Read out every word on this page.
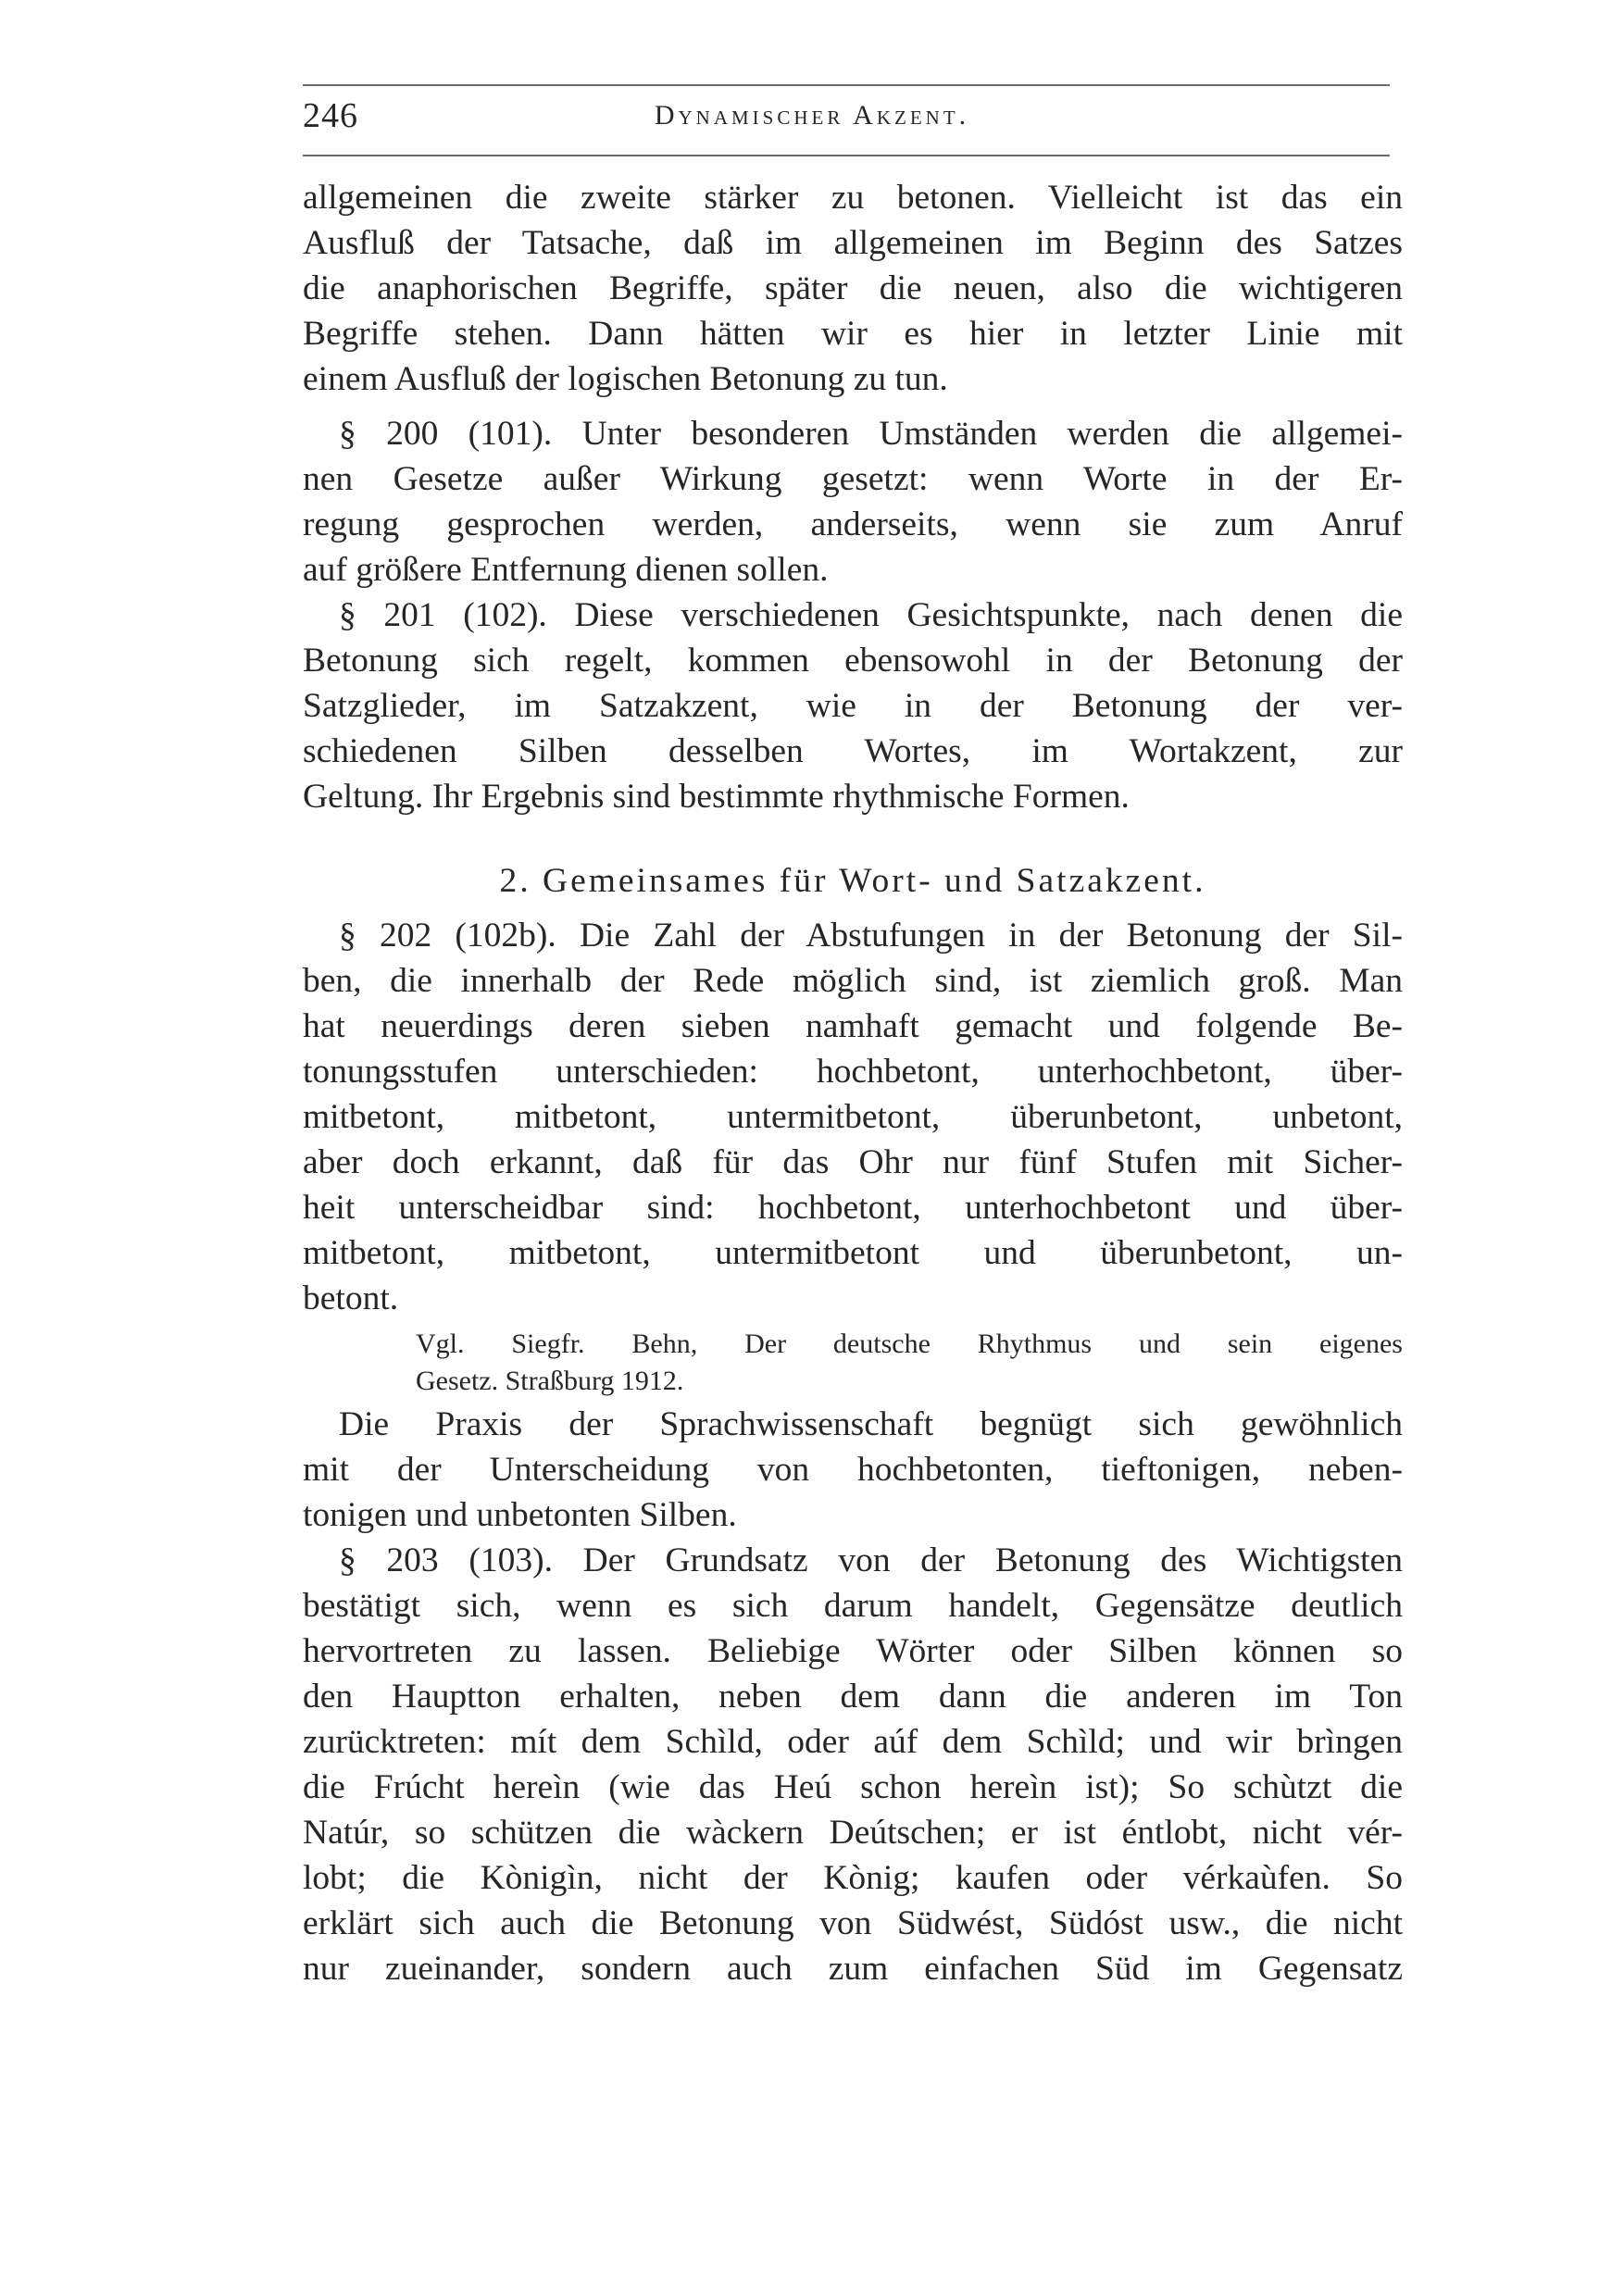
246	Dynamischer Akzent.
allgemeinen die zweite stärker zu betonen. Vielleicht ist das ein
Ausfluß der Tatsache, daß im allgemeinen im Beginn des Satzes
die anaphorischen Begriffe, später die neuen, also die wichtigeren
Begriffe stehen. Dann hätten wir es hier in letzter Linie mit
einem Ausfluß der logischen Betonung zu tun.
§ 200 (101). Unter besonderen Umständen werden die allgemei-
nen Gesetze außer Wirkung gesetzt: wenn Worte in der Er-
regung gesprochen werden, anderseits, wenn sie zum Anruf
auf größere Entfernung dienen sollen.
§ 201 (102). Diese verschiedenen Gesichtspunkte, nach denen die
Betonung sich regelt, kommen ebensowohl in der Betonung der
Satzglieder, im Satzakzent, wie in der Betonung der ver-
schiedenen Silben desselben Wortes, im Wortakzent, zur
Geltung. Ihr Ergebnis sind bestimmte rhythmische Formen.
2. Gemeinsames für Wort- und Satzakzent.
§ 202 (102b). Die Zahl der Abstufungen in der Betonung der Sil-
ben, die innerhalb der Rede möglich sind, ist ziemlich groß. Man
hat neuerdings deren sieben namhaft gemacht und folgende Be-
tonungsstufen unterschieden: hochbetont, unterhochbetont, über-
mitbetont, mitbetont, untermitbetont, überunbetont, unbetont,
aber doch erkannt, daß für das Ohr nur fünf Stufen mit Sicher-
heit unterscheidbar sind: hochbetont, unterhochbetont und über-
mitbetont, mitbetont, untermitbetont und überunbetont, un-
betont.
Vgl. Siegfr. Behn, Der deutsche Rhythmus und sein eigenes
Gesetz. Straßburg 1912.
Die Praxis der Sprachwissenschaft begnügt sich gewöhnlich
mit der Unterscheidung von hochbetonten, tieftonigen, neben-
tonigen und unbetonten Silben.
§ 203 (103). Der Grundsatz von der Betonung des Wichtigsten
bestätigt sich, wenn es sich darum handelt, Gegensätze deutlich
hervortreten zu lassen. Beliebige Wörter oder Silben können so
den Hauptton erhalten, neben dem dann die anderen im Ton
zurücktreten: mít dem Schìld, oder aúf dem Schìld; und wir brìngen
die Frúcht hereìn (wie das Heú schon hereìn ist); So schùtzt die
Natúr, so schützen die wàckern Deútschen; er ist éntlobt, nicht vér-
lobt; die Kònigìn, nicht der Kònig; kaufen oder vérkaùfen. So
erklärt sich auch die Betonung von Südwést, Südóst usw., die nicht
nur zueinander, sondern auch zum einfachen Süd im Gegensatz
